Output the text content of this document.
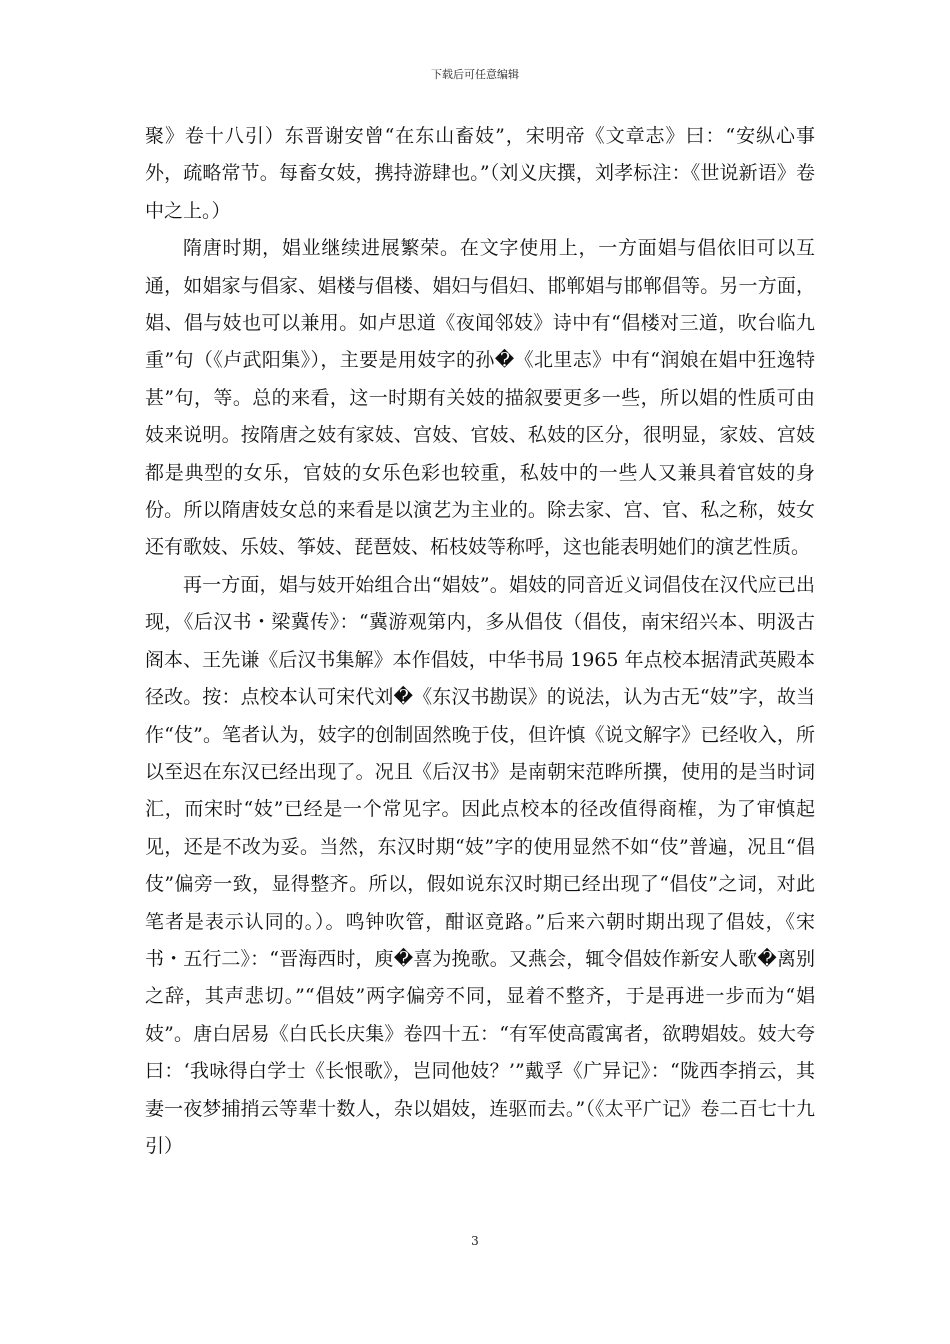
下载后可任意编辑

聚》卷十八引）东晋谢安曾“在东山畜妓”，宋明帝《文章志》曰：“安纵心事外，疏略常节。每畜女妓，携持游肆也。”（刘义庆撰，刘孝标注：《世说新语》卷中之上。）

隋唐时期，娼业继续进展繁荣。在文字使用上，一方面娼与倡依旧可以互通，如娼家与倡家、娼楼与倡楼、娼妇与倡妇、邯郸娼与邯郸倡等。另一方面，娼、倡与妓也可以兼用。如卢思道《夜闻邻妓》诗中有“倡楼对三道，吹台临九重”句（《卢武阳集》），主要是用妓字的孙�《北里志》中有“润娘在娼中狂逸特甚”句，等。总的来看，这一时期有关妓的描叙要更多一些，所以娼的性质可由妓来说明。按隋唐之妓有家妓、宫妓、官妓、私妓的区分，很明显，家妓、宫妓都是典型的女乐，官妓的女乐色彩也较重，私妓中的一些人又兼具着官妓的身份。所以隋唐妓女总的来看是以演艺为主业的。除去家、宫、官、私之称，妓女还有歌妓、乐妓、筝妓、琵琶妓、柘枝妓等称呼，这也能表明她们的演艺性质。

再一方面，娼与妓开始组合出“娼妓”。娼妓的同音近义词倡伎在汉代应已出现，《后汉书・梁冀传》：“冀游观第内，多从倡伎（倡伎，南宋绍兴本、明汲古阁本、王先谦《后汉书集解》本作倡妓，中华书局 1965 年点校本据清武英殿本径改。按：点校本认可宋代刘�《东汉书勘误》的说法，认为古无“妓”字，故当作“伎”。笔者认为，妓字的创制固然晚于伎，但许慎《说文解字》已经收入，所以至迟在东汉已经出现了。况且《后汉书》是南朝宋范晔所撰，使用的是当时词汇，而宋时“妓”已经是一个常见字。因此点校本的径改值得商榷，为了审慎起见，还是不改为妥。当然，东汉时期“妓”字的使用显然不如“伎”普遍，况且“倡伎”偏旁一致，显得整齐。所以，假如说东汉时期已经出现了“倡伎”之词，对此笔者是表示认同的。）。鸣钟吹管，酣讴竟路。”后来六朝时期出现了倡妓，《宋书・五行二》：“晋海西时，庾�喜为挽歌。又燕会，辄令倡妓作新安人歌�离别之辞，其声悲切。”“倡妓”两字偏旁不同，显着不整齐，于是再进一步而为“娼妓”。唐白居易《白氏长庆集》卷四十五：“有军使高霞寓者，欲聘娼妓。妓大夸曰：‘我咏得白学士《长恨歌》，岂同他妓？’”戴孚《广异记》：“陇西李捎云，其妻一夜梦捕捎云等辈十数人，杂以娼妓，连驱而去。”（《太平广记》卷二百七十九引）

3
